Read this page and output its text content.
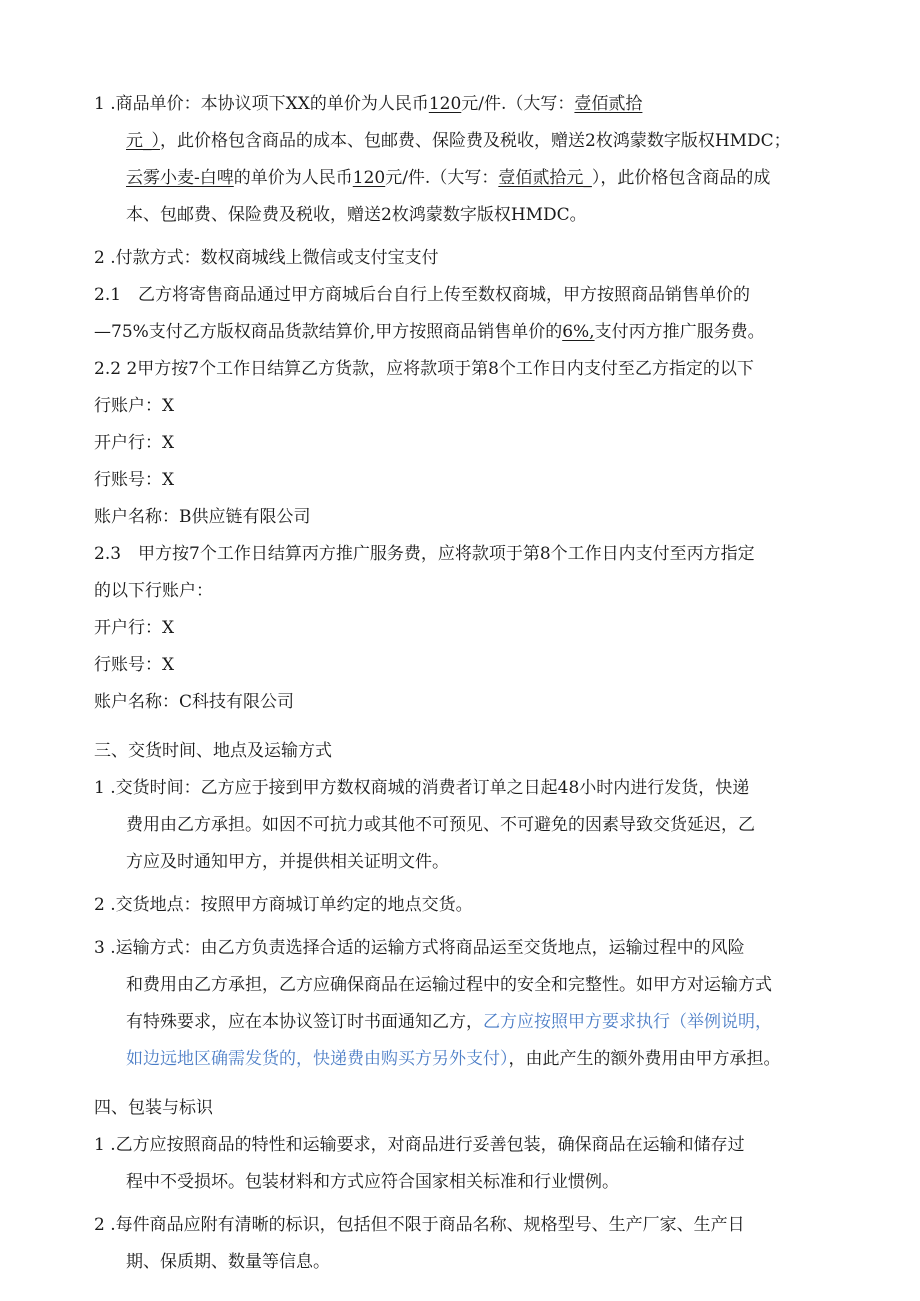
1 .商品单价：本协议项下XX的单价为人民币120元/件.（大写：壹佰贰拾
元_），此价格包含商品的成本、包邮费、保险费及税收，赠送2枚鸿蒙数字版权HMDC；
云雾小麦-白啤的单价为人民币120元/件.（大写：壹佰贰拾元_），此价格包含商品的成
本、包邮费、保险费及税收，赠送2枚鸿蒙数字版权HMDC。
2 .付款方式：数权商城线上微信或支付宝支付
2.1　乙方将寄售商品通过甲方商城后台自行上传至数权商城，甲方按照商品销售单价的
—75%支付乙方版权商品货款结算价,甲方按照商品销售单价的6%,支付丙方推广服务费。
2.2 2甲方按7个工作日结算乙方货款，应将款项于第8个工作日内支付至乙方指定的以下
行账户：X
开户行：X
行账号：X
账户名称：B供应链有限公司
2.3　甲方按7个工作日结算丙方推广服务费，应将款项于第8个工作日内支付至丙方指定
的以下行账户：
开户行：X
行账号：X
账户名称：C科技有限公司
三、交货时间、地点及运输方式
1 .交货时间：乙方应于接到甲方数权商城的消费者订单之日起48小时内进行发货，快递
费用由乙方承担。如因不可抗力或其他不可预见、不可避免的因素导致交货延迟，乙
方应及时通知甲方，并提供相关证明文件。
2 .交货地点：按照甲方商城订单约定的地点交货。
3 .运输方式：由乙方负责选择合适的运输方式将商品运至交货地点，运输过程中的风险
和费用由乙方承担，乙方应确保商品在运输过程中的安全和完整性。如甲方对运输方式
有特殊要求，应在本协议签订时书面通知乙方，乙方应按照甲方要求执行（举例说明，
如边远地区确需发货的，快递费由购买方另外支付），由此产生的额外费用由甲方承担。
四、包装与标识
1 .乙方应按照商品的特性和运输要求，对商品进行妥善包装，确保商品在运输和储存过
程中不受损坏。包装材料和方式应符合国家相关标准和行业惯例。
2 .每件商品应附有清晰的标识，包括但不限于商品名称、规格型号、生产厂家、生产日
期、保质期、数量等信息。
